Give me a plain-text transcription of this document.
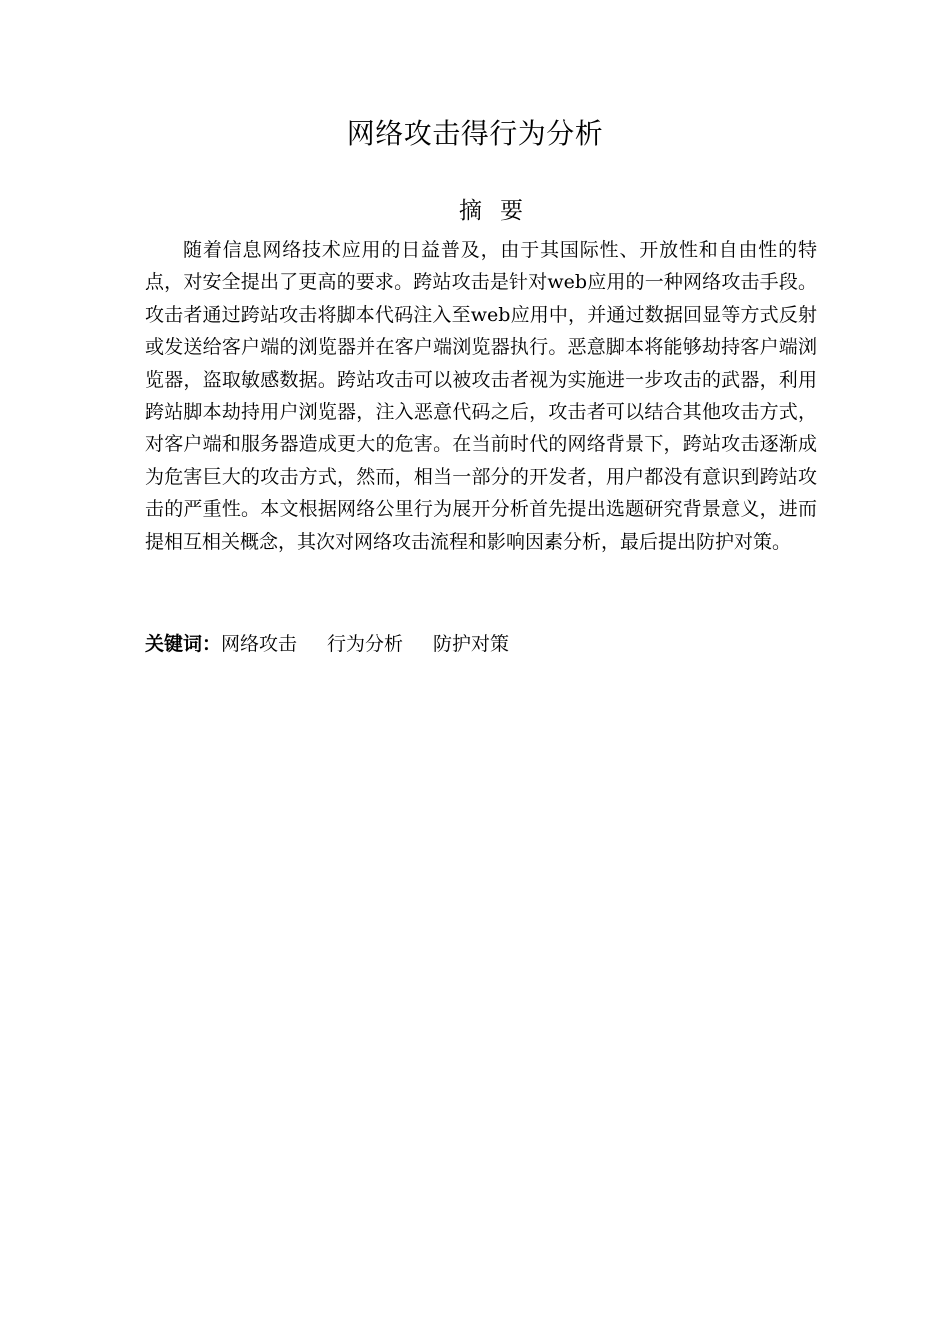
网络攻击得行为分析
摘要

随着信息网络技术应用的日益普及，由于其国际性、开放性和自由性的特点，对安全提出了更高的要求。跨站攻击是针对web应用的一种网络攻击手段。攻击者通过跨站攻击将脚本代码注入至web应用中，并通过数据回显等方式反射或发送给客户端的浏览器并在客户端浏览器执行。恶意脚本将能够劫持客户端浏览器，盗取敏感数据。跨站攻击可以被攻击者视为实施进一步攻击的武器，利用跨站脚本劫持用户浏览器，注入恶意代码之后，攻击者可以结合其他攻击方式，对客户端和服务器造成更大的危害。在当前时代的网络背景下，跨站攻击逐渐成为危害巨大的攻击方式，然而，相当一部分的开发者，用户都没有意识到跨站攻击的严重性。本文根据网络公里行为展开分析首先提出选题研究背景意义，进而提相互相关概念，其次对网络攻击流程和影响因素分析，最后提出防护对策。

关键词：网络攻击 行为分析 防护对策
